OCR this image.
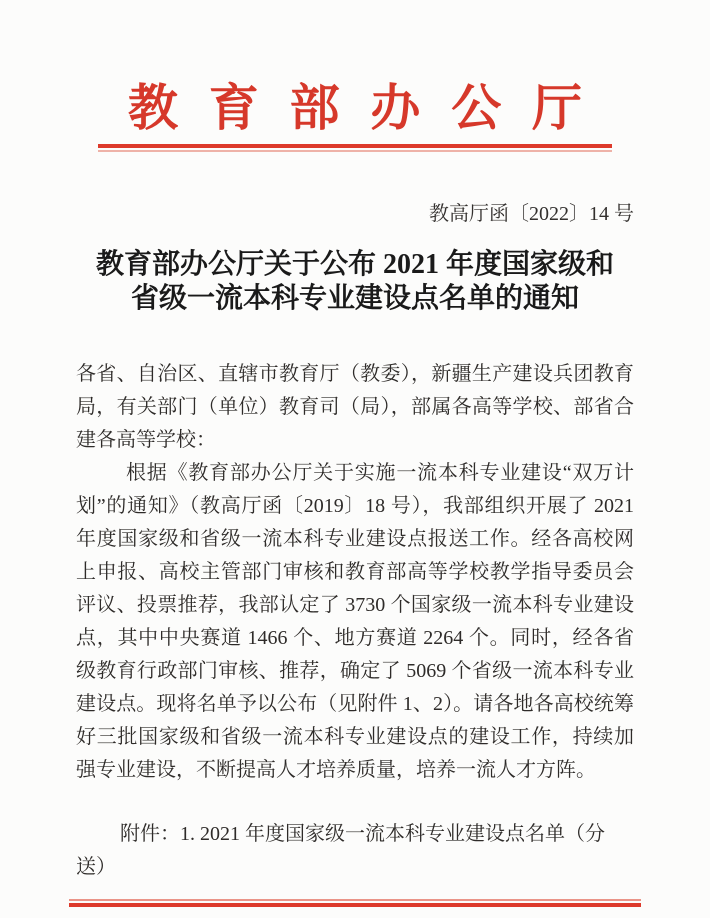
教育部办公厅
教高厅函〔2022〕14 号
教育部办公厅关于公布 2021 年度国家级和
省级一流本科专业建设点名单的通知

各省、自治区、直辖市教育厅（教委），新疆生产建设兵团教育局，有关部门（单位）教育司（局），部属各高等学校、部省合建各高等学校：

根据《教育部办公厅关于实施一流本科专业建设“双万计划”的通知》（教高厅函〔2019〕18 号），我部组织开展了 2021 年度国家级和省级一流本科专业建设点报送工作。经各高校网上申报、高校主管部门审核和教育部高等学校教学指导委员会评议、投票推荐，我部认定了 3730 个国家级一流本科专业建设点，其中中央赛道 1466 个、地方赛道 2264 个。同时，经各省级教育行政部门审核、推荐，确定了 5069 个省级一流本科专业建设点。现将名单予以公布（见附件 1、2）。请各地各高校统筹好三批国家级和省级一流本科专业建设点的建设工作，持续加强专业建设，不断提高人才培养质量，培养一流人才方阵。

附件：1. 2021 年度国家级一流本科专业建设点名单（分送）
